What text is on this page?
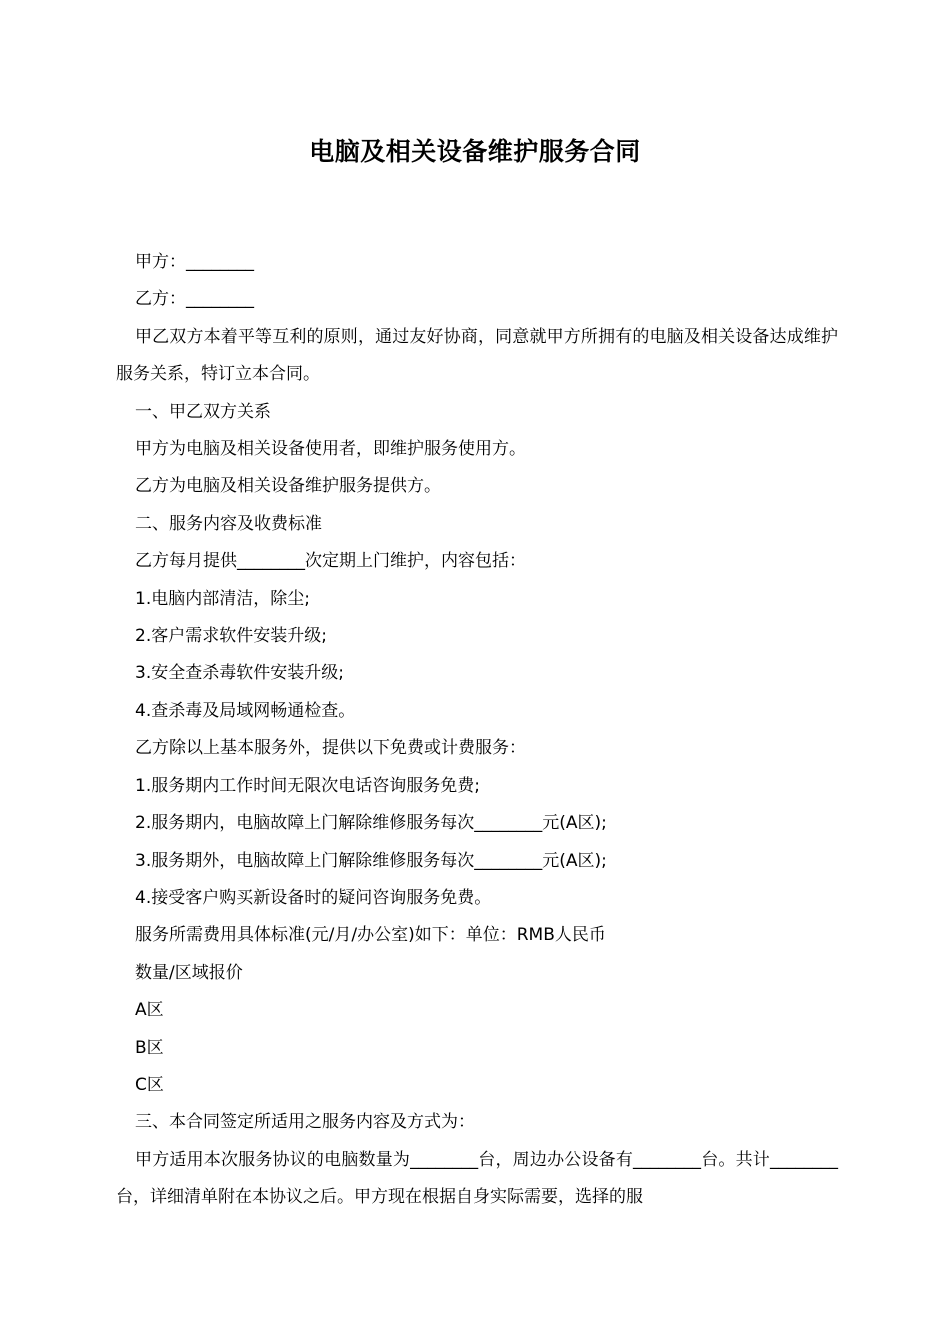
电脑及相关设备维护服务合同

甲方：________

乙方：________

甲乙双方本着平等互利的原则，通过友好协商，同意就甲方所拥有的电脑及相关设备达成维护服务关系，特订立本合同。

一、甲乙双方关系

甲方为电脑及相关设备使用者，即维护服务使用方。

乙方为电脑及相关设备维护服务提供方。

二、服务内容及收费标准

乙方每月提供________次定期上门维护，内容包括：

1.电脑内部清洁，除尘;

2.客户需求软件安装升级;

3.安全查杀毒软件安装升级;

4.查杀毒及局域网畅通检查。

乙方除以上基本服务外，提供以下免费或计费服务：

1.服务期内工作时间无限次电话咨询服务免费;

2.服务期内，电脑故障上门解除维修服务每次________元(A区);

3.服务期外，电脑故障上门解除维修服务每次________元(A区);

4.接受客户购买新设备时的疑问咨询服务免费。

服务所需费用具体标准(元/月/办公室)如下：单位：RMB人民币

数量/区域报价

A区

B区

C区

三、本合同签定所适用之服务内容及方式为：

甲方适用本次服务协议的电脑数量为________台，周边办公设备有________台。共计________台，详细清单附在本协议之后。甲方现在根据自身实际需要，选择的服
